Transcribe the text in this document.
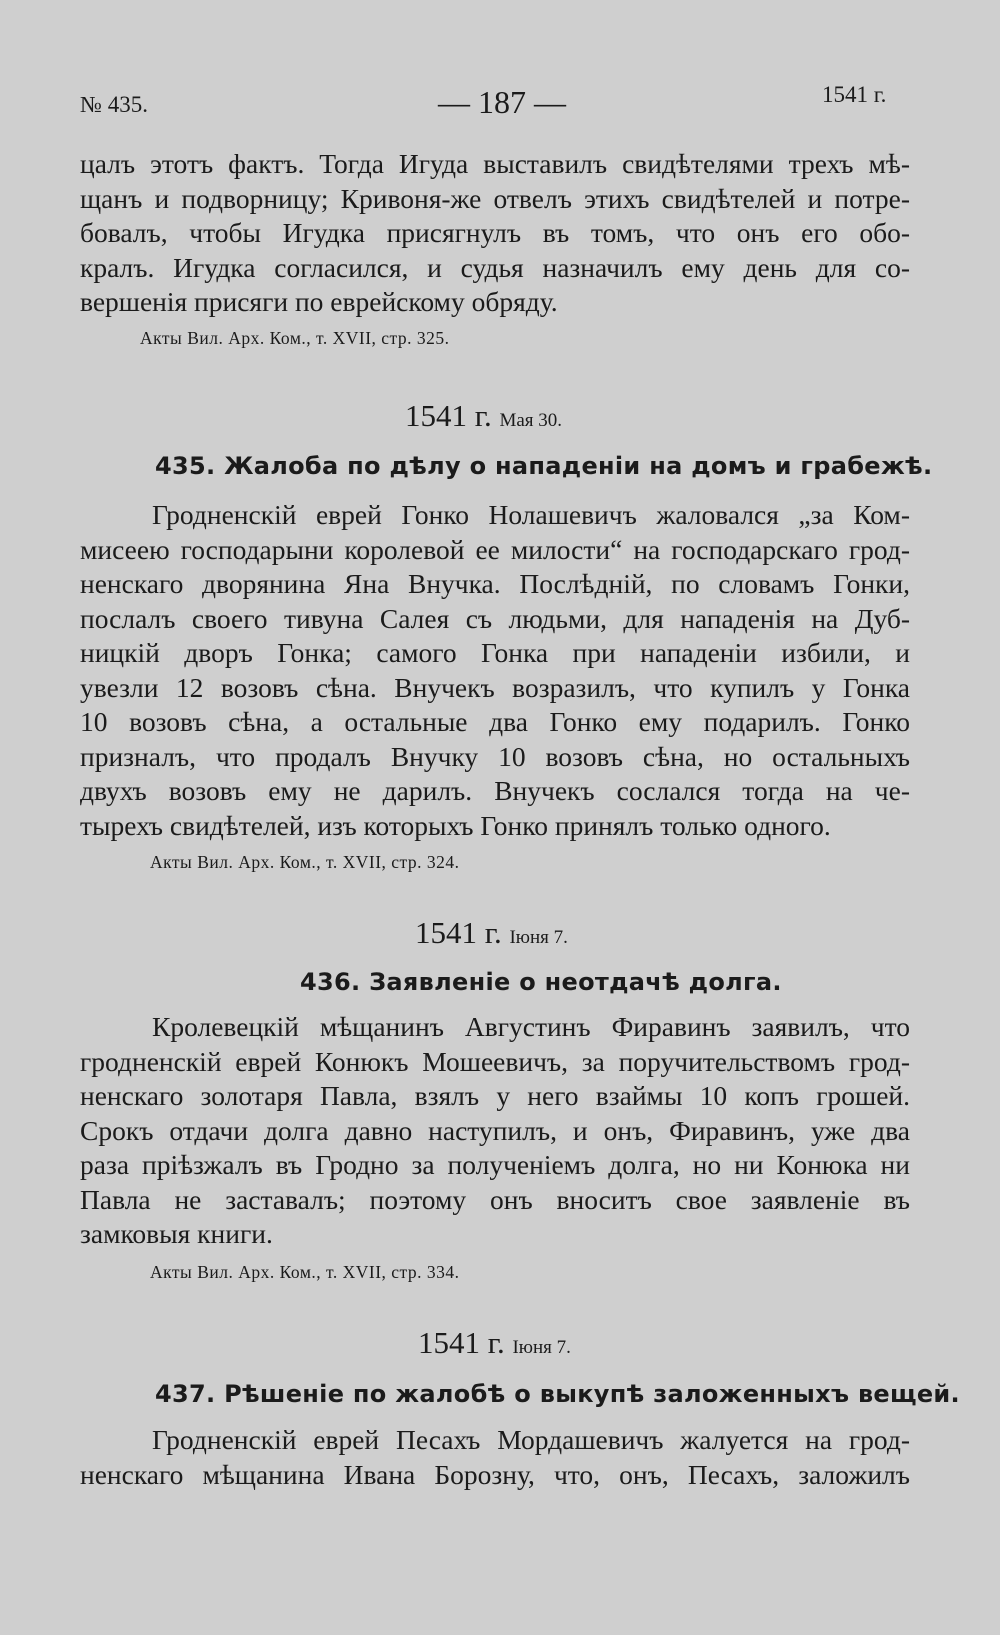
№ 435.	— 187 —	1541 г.
цалъ этотъ фактъ. Тогда Игуда выставилъ свидѣтелями трехъ мѣ-
щанъ и подворницу; Кривоня-же отвелъ этихъ свидѣтелей и потре-
бовалъ, чтобы Игудка присягнулъ въ томъ, что онъ его обо-
кралъ. Игудка согласился, и судья назначилъ ему день для со-
вершенія присяги по еврейскому обряду.
Акты Вил. Арх. Ком., т. XVII, стр. 325.
1541 г. Мая 30.
435. Жалоба по дѣлу о нападеніи на домъ и грабежѣ.
Гродненскій еврей Гонко Нолашевичъ жаловался „за Ком-
мисеею господарыни королевой ее милости“ на господарскаго грод-
ненскаго дворянина Яна Внучка. Послѣдній, по словамъ Гонки,
послалъ своего тивуна Салея съ людьми, для нападенія на Дуб-
ницкій дворъ Гонка; самого Гонка при нападеніи избили, и
увезли 12 возовъ сѣна. Внучекъ возразилъ, что купилъ у Гонка
10 возовъ сѣна, а остальные два Гонко ему подарилъ. Гонко
призналъ, что продалъ Внучку 10 возовъ сѣна, но остальныхъ
двухъ возовъ ему не дарилъ. Внучекъ сослался тогда на че-
тырехъ свидѣтелей, изъ которыхъ Гонко принялъ только одного.
Акты Вил. Арх. Ком., т. XVII, стр. 324.
1541 г. Іюня 7.
436. Заявленіе о неотдачѣ долга.
Кролевецкій мѣщанинъ Августинъ Фиравинъ заявилъ, что
гродненскій еврей Конюкъ Мошеевичъ, за поручительствомъ грод-
ненскаго золотаря Павла, взялъ у него взаймы 10 копъ грошей.
Срокъ отдачи долга давно наступилъ, и онъ, Фиравинъ, уже два
раза пріѣзжалъ въ Гродно за полученіемъ долга, но ни Конюка ни
Павла не заставалъ; поэтому онъ вноситъ свое заявленіе въ
замковыя книги.
Акты Вил. Арх. Ком., т. XVII, стр. 334.
1541 г. Іюня 7.
437. Рѣшеніе по жалобѣ о выкупѣ заложенныхъ вещей.
Гродненскій еврей Песахъ Мордашевичъ жалуется на грод-
ненскаго мѣщанина Ивана Борозну, что, онъ, Песахъ, заложилъ
